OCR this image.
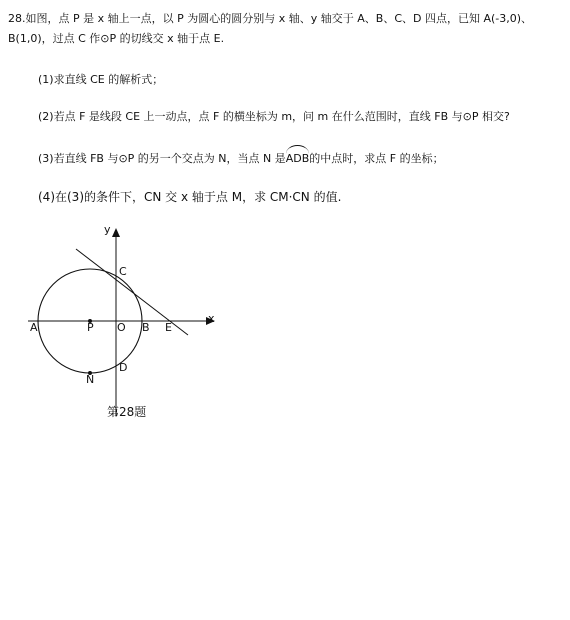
28.如图，点 P 是 x 轴上一点，以 P 为圆心的圆分别与 x 轴、y 轴交于 A、B、C、D 四点，已知 A(-3,0)、
B(1,0)，过点 C 作⊙P 的切线交 x 轴于点 E.
(1)求直线 CE 的解析式；
(2)若点 F 是线段 CE 上一动点，点 F 的横坐标为 m，问 m 在什么范围时，直线 FB 与⊙P 相交?
(3)若直线 FB 与⊙P 的另一个交点为 N，当点 N 是ADB的中点时，求点 F 的坐标；
(4)在(3)的条件下，CN 交 x 轴于点 M，求 CM·CN 的值.
y
x
A	P O B E
C
D
N
第28题
